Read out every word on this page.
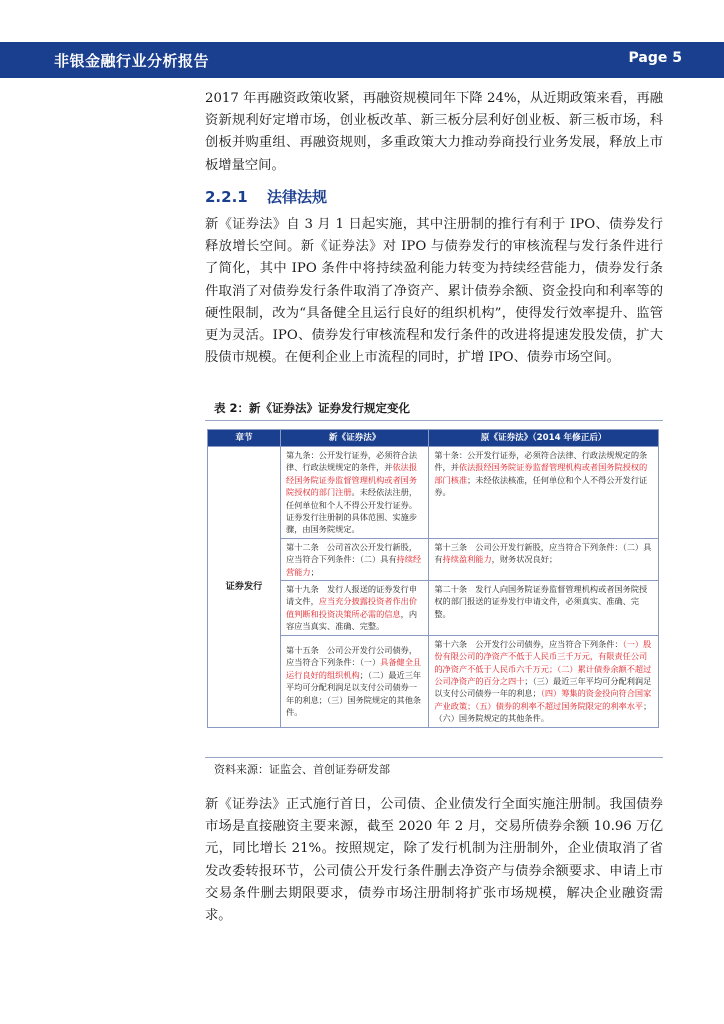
非银金融行业分析报告	Page 5

2017 年再融资政策收紧，再融资规模同年下降 24%，从近期政策来看，再融资新规利好定增市场，创业板改革、新三板分层利好创业板、新三板市场，科创板并购重组、再融资规则，多重政策大力推动券商投行业务发展，释放上市板增量空间。

2.2.1 法律法规

新《证券法》自 3 月 1 日起实施，其中注册制的推行有利于 IPO、债券发行释放增长空间。新《证券法》对 IPO 与债券发行的审核流程与发行条件进行了简化，其中 IPO 条件中将持续盈利能力转变为持续经营能力，债券发行条件取消了对债券发行条件取消了净资产、累计债券余额、资金投向和利率等的硬性限制，改为“具备健全且运行良好的组织机构”，使得发行效率提升、监管更为灵活。IPO、债券发行审核流程和发行条件的改进将提速发股发债，扩大股债市规模。在便利企业上市流程的同时，扩增 IPO、债券市场空间。

表 2：新《证券法》证券发行规定变化
章节	新《证券法》	原《证券法》（2014 年修正后）
证券发行	第九条：公开发行证券，必须符合法律、行政法规规定的条件，并依法报经国务院证券监督管理机构或者国务院授权的部门注册。未经依法注册，任何单位和个人不得公开发行证券。证券发行注册制的具体范围、实施步骤，由国务院规定。	第十条：公开发行证券，必须符合法律、行政法规规定的条件，并依法报经国务院证券监督管理机构或者国务院授权的部门核准；未经依法核准，任何单位和个人不得公开发行证券。
	第十二条　公司首次公开发行新股，应当符合下列条件：（二）具有持续经营能力；	第十三条　公司公开发行新股，应当符合下列条件：（二）具有持续盈利能力，财务状况良好；
	第十九条　发行人报送的证券发行申请文件，应当充分披露投资者作出价值判断和投资决策所必需的信息，内容应当真实、准确、完整。	第二十条　发行人向国务院证券监督管理机构或者国务院授权的部门报送的证券发行申请文件，必须真实、准确、完整。
	第十五条　公司公开发行公司债券，应当符合下列条件：（一）具备健全且运行良好的组织机构；（二）最近三年平均可分配利润足以支付公司债券一年的利息；（三）国务院规定的其他条件。	第十六条　公开发行公司债券，应当符合下列条件：（一）股份有限公司的净资产不低于人民币三千万元，有限责任公司的净资产不低于人民币六千万元；（二）累计债券余额不超过公司净资产的百分之四十；（三）最近三年平均可分配利润足以支付公司债券一年的利息；（四）筹集的资金投向符合国家产业政策；（五）债券的利率不超过国务院限定的利率水平；（六）国务院规定的其他条件。
资料来源：证监会、首创证券研发部

新《证券法》正式施行首日，公司债、企业债发行全面实施注册制。我国债券市场是直接融资主要来源，截至 2020 年 2 月，交易所债券余额 10.96 万亿元，同比增长 21%。按照规定，除了发行机制为注册制外，企业债取消了省发改委转报环节，公司债公开发行条件删去净资产与债券余额要求、申请上市交易条件删去期限要求，债券市场注册制将扩张市场规模，解决企业融资需求。
